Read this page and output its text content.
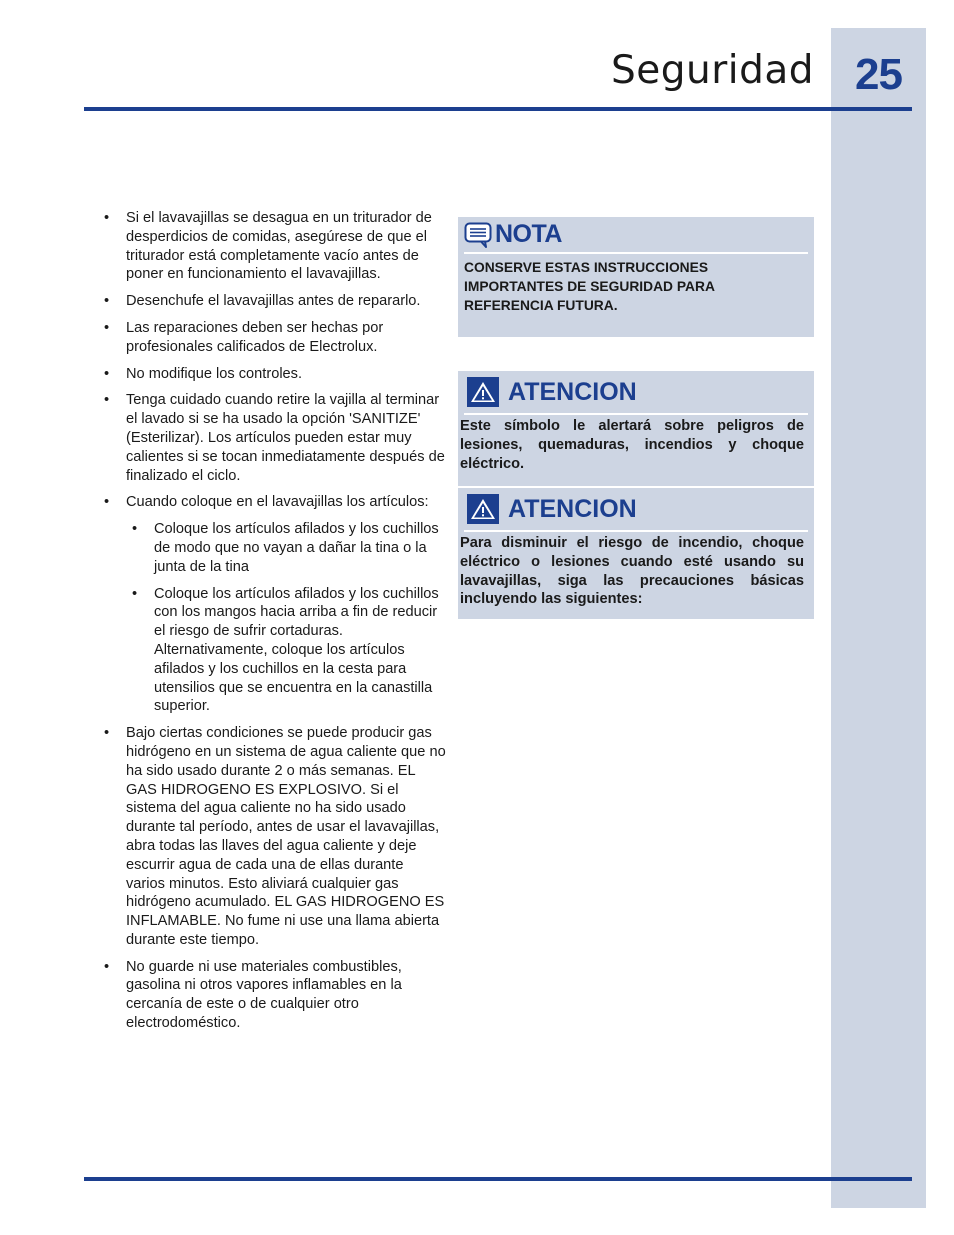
25
Seguridad
• Si el lavavajillas se desagua en un triturador de desperdicios de comidas, asegúrese de que el triturador está completamente vacío antes de poner en funcionamiento el lavavajillas.
• Desenchufe el lavavajillas antes de repararlo.
• Las reparaciones deben ser hechas por profesionales calificados de Electrolux.
• No modifique los controles.
• Tenga cuidado cuando retire la vajilla al terminar el lavado si se ha usado la opción 'SANITIZE' (Esterilizar). Los artículos pueden estar muy calientes si se tocan inmediatamente después de finalizado el ciclo.
• Cuando coloque en el lavavajillas los artículos:
• Coloque los artículos afilados y los cuchillos de modo que no vayan a dañar la tina o la junta de la tina
• Coloque los artículos afilados y los cuchillos con los mangos hacia arriba a fin de reducir el riesgo de sufrir cortaduras. Alternativamente, coloque los artículos afilados y los cuchillos en la cesta para utensilios que se encuentra en la canastilla superior.
• Bajo ciertas condiciones se puede producir gas hidrógeno en un sistema de agua caliente que no ha sido usado durante 2 o más semanas. EL GAS HIDROGENO ES EXPLOSIVO. Si el sistema del agua caliente no ha sido usado durante tal período, antes de usar el lavavajillas, abra todas las llaves del agua caliente y deje escurrir agua de cada una de ellas durante varios minutos. Esto aliviará cualquier gas hidrógeno acumulado. EL GAS HIDROGENO ES INFLAMABLE. No fume ni use una llama abierta durante este tiempo.
• No guarde ni use materiales combustibles, gasolina ni otros vapores inflamables en la cercanía de este o de cualquier otro electrodoméstico.
NOTA
CONSERVE ESTAS INSTRUCCIONES IMPORTANTES DE SEGURIDAD PARA REFERENCIA FUTURA.
ATENCION
Este símbolo le alertará sobre peligros de lesiones, quemaduras, incendios y choque eléctrico.
ATENCION
Para disminuir el riesgo de incendio, choque eléctrico o lesiones cuando esté usando su lavavajillas, siga las precauciones básicas incluyendo las siguientes:
